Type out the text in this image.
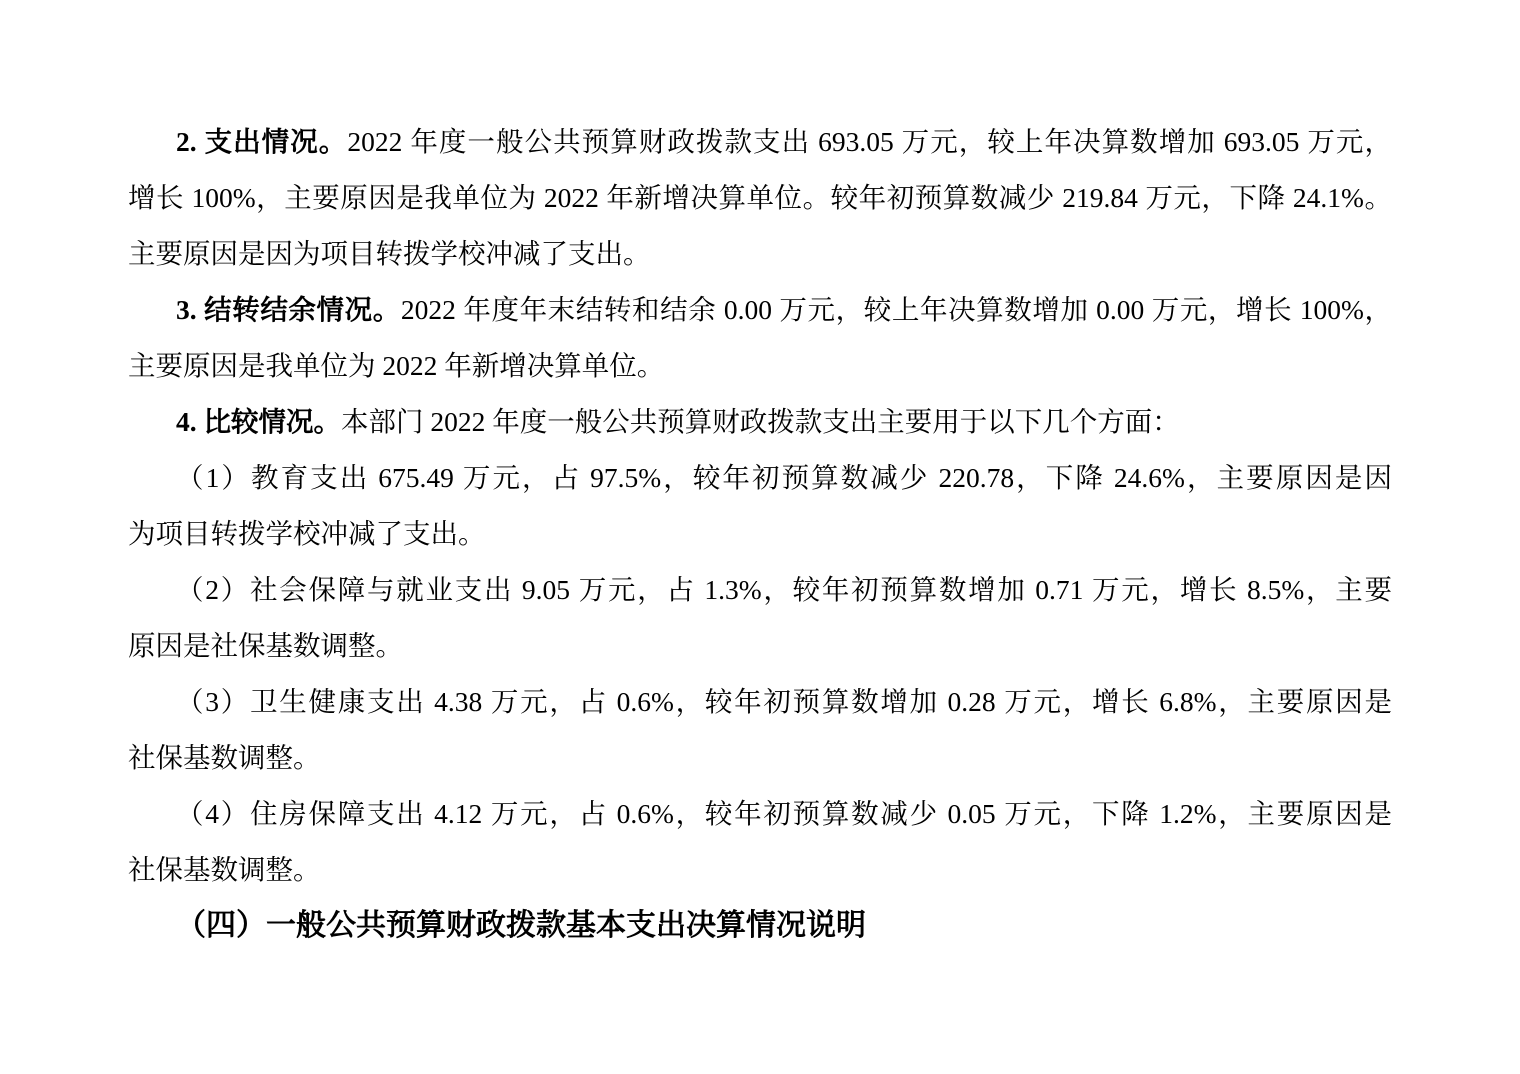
2. 支出情况。2022 年度一般公共预算财政拨款支出 693.05 万元，较上年决算数增加 693.05 万元，
增长 100%，主要原因是我单位为 2022 年新增决算单位。较年初预算数减少 219.84 万元，下降 24.1%。
主要原因是因为项目转拨学校冲减了支出。
3. 结转结余情况。2022 年度年末结转和结余 0.00 万元，较上年决算数增加 0.00 万元，增长 100%，
主要原因是我单位为 2022 年新增决算单位。
4. 比较情况。本部门 2022 年度一般公共预算财政拨款支出主要用于以下几个方面：
（1）教育支出 675.49 万元，占 97.5%，较年初预算数减少 220.78，下降 24.6%，主要原因是因
为项目转拨学校冲减了支出。
（2）社会保障与就业支出 9.05 万元，占 1.3%，较年初预算数增加 0.71 万元，增长 8.5%，主要
原因是社保基数调整。
（3）卫生健康支出 4.38 万元，占 0.6%，较年初预算数增加 0.28 万元，增长 6.8%，主要原因是
社保基数调整。
（4）住房保障支出 4.12 万元，占 0.6%，较年初预算数减少 0.05 万元，下降 1.2%，主要原因是
社保基数调整。
（四）一般公共预算财政拨款基本支出决算情况说明
